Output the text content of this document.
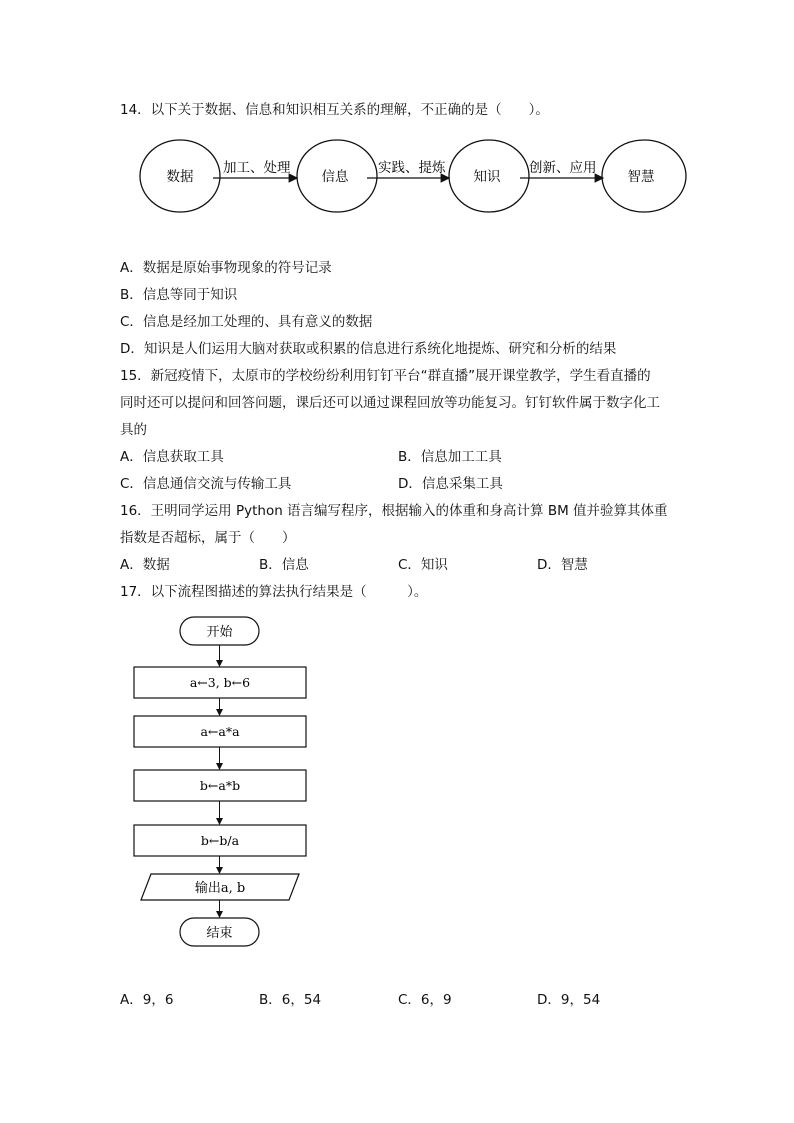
14．以下关于数据、信息和知识相互关系的理解，不正确的是（　　）。
数据	信息	知识	智慧
加工、处理	实践、提炼	创新、应用
A．数据是原始事物现象的符号记录
B．信息等同于知识
C．信息是经加工处理的、具有意义的数据
D．知识是人们运用大脑对获取或积累的信息进行系统化地提炼、研究和分析的结果
15．新冠疫情下，太原市的学校纷纷利用钉钉平台“群直播”展开课堂教学，学生看直播的
同时还可以提问和回答问题，课后还可以通过课程回放等功能复习。钉钉软件属于数字化工
具的
A．信息获取工具	B．信息加工工具
C．信息通信交流与传输工具	D．信息采集工具
16．王明同学运用 Python 语言编写程序，根据输入的体重和身高计算 BM 值并验算其体重
指数是否超标，属于（　　）
A．数据	B．信息	C．知识	D．智慧
17．以下流程图描述的算法执行结果是（　　　）。
开始
a←3, b←6
a←a*a
b←a*b
b←b/a
输出a, b
结束
A．9，6	B．6，54	C．6，9	D．9，54
